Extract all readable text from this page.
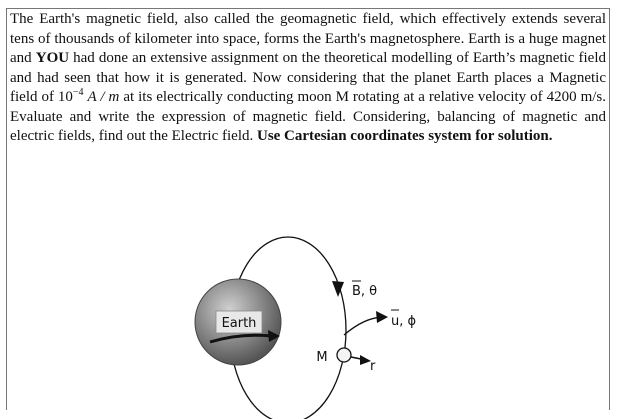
The Earth's magnetic field, also called the geomagnetic field, which effectively extends several tens of thousands of kilometer into space, forms the Earth's magnetosphere. Earth is a huge magnet and YOU had done an extensive assignment on the theoretical modelling of Earth’s magnetic field and had seen that how it is generated. Now considering that the planet Earth places a Magnetic field of $10^{-4}$ A / m at its electrically conducting moon M rotating at a relative velocity of 4200 m/s. Evaluate and write the expression of magnetic field. Considering, balancing of magnetic and electric fields, find out the Electric field. Use Cartesian coordinates system for solution.

Earth
B, θ
u, ϕ
M
r
